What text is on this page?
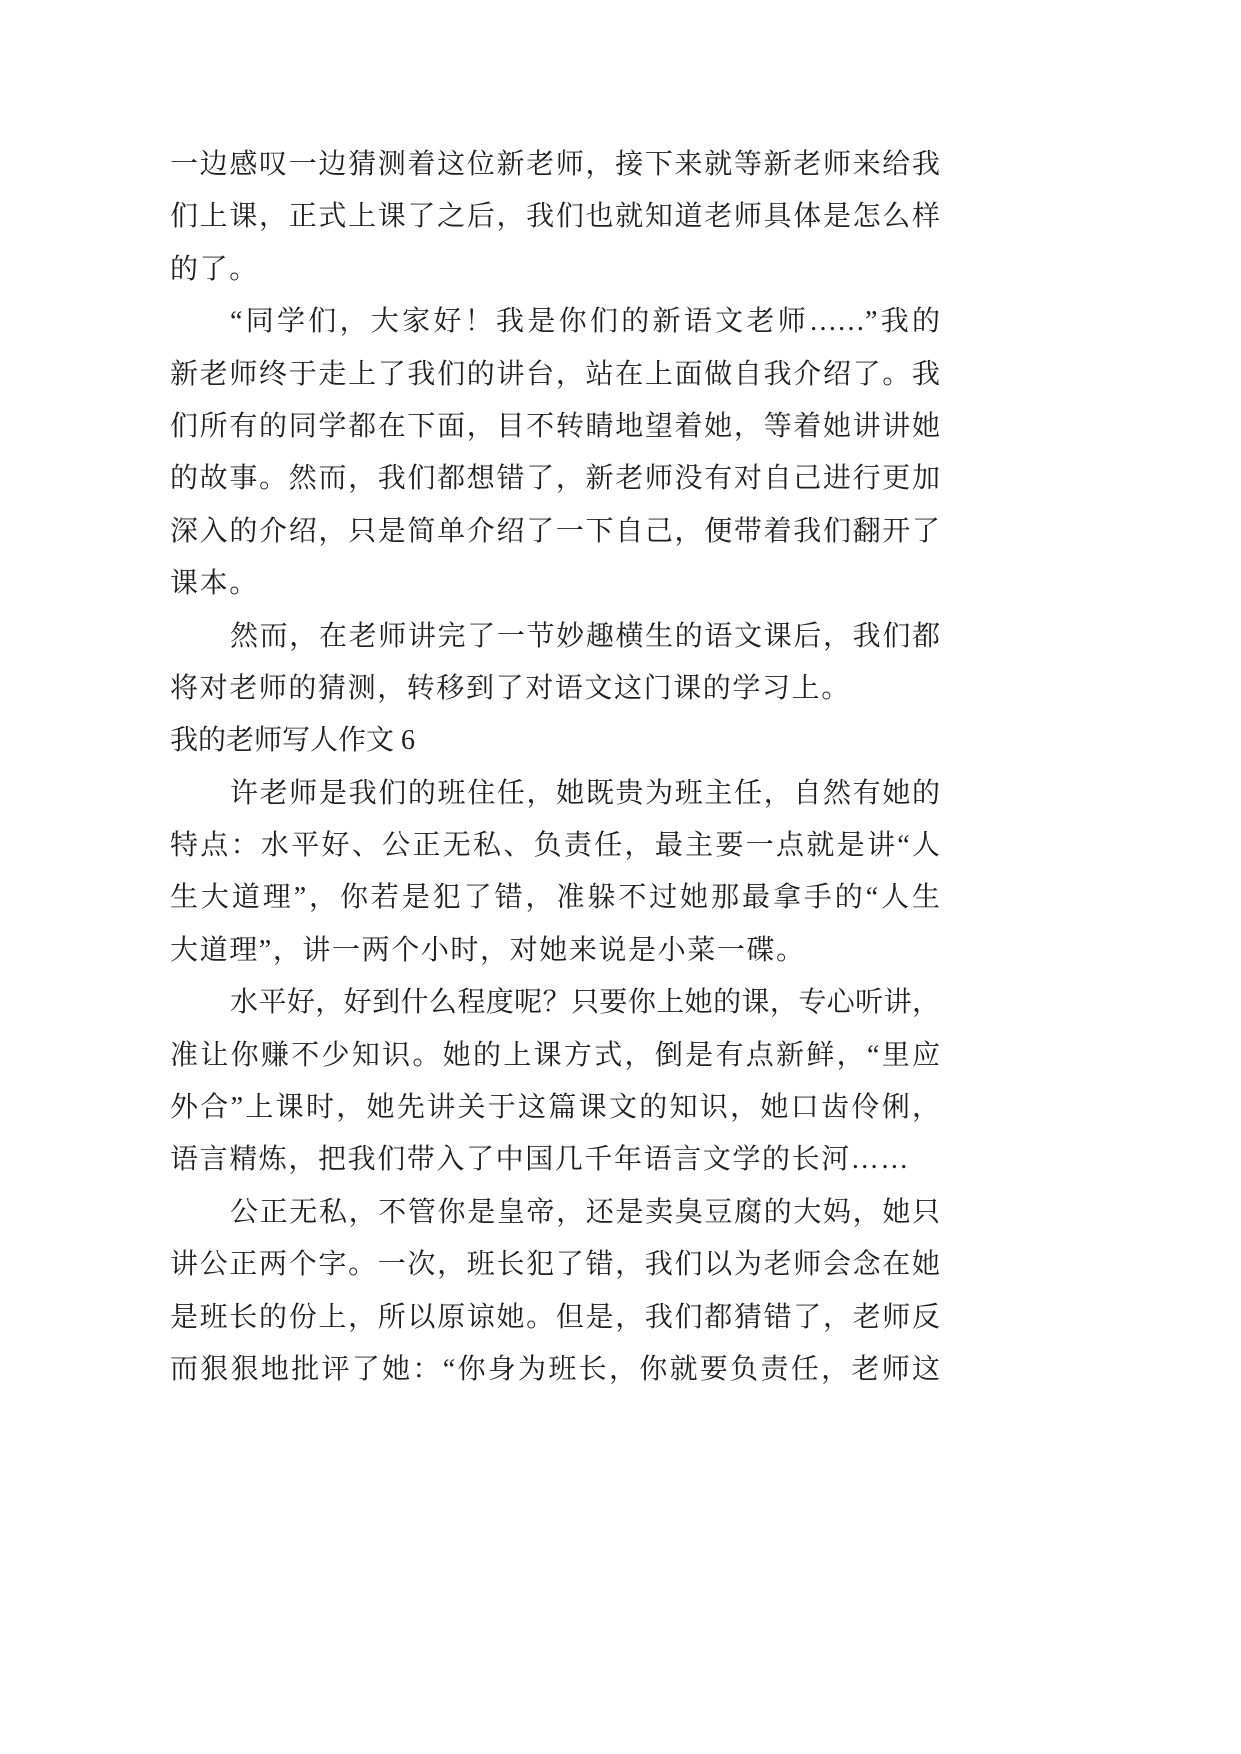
一边感叹一边猜测着这位新老师，接下来就等新老师来给我
们上课，正式上课了之后，我们也就知道老师具体是怎么样
的了。
“同学们，大家好！我是你们的新语文老师……”我的
新老师终于走上了我们的讲台，站在上面做自我介绍了。我
们所有的同学都在下面，目不转睛地望着她，等着她讲讲她
的故事。然而，我们都想错了，新老师没有对自己进行更加
深入的介绍，只是简单介绍了一下自己，便带着我们翻开了
课本。
然而，在老师讲完了一节妙趣横生的语文课后，我们都
将对老师的猜测，转移到了对语文这门课的学习上。
我的老师写人作文 6
许老师是我们的班住任，她既贵为班主任，自然有她的
特点：水平好、公正无私、负责任，最主要一点就是讲“人
生大道理”，你若是犯了错，准躲不过她那最拿手的“人生
大道理”，讲一两个小时，对她来说是小菜一碟。
水平好，好到什么程度呢？只要你上她的课，专心听讲，
准让你赚不少知识。她的上课方式，倒是有点新鲜，“里应
外合”上课时，她先讲关于这篇课文的知识，她口齿伶俐，
语言精炼，把我们带入了中国几千年语言文学的长河……
公正无私，不管你是皇帝，还是卖臭豆腐的大妈，她只
讲公正两个字。一次，班长犯了错，我们以为老师会念在她
是班长的份上，所以原谅她。但是，我们都猜错了，老师反
而狠狠地批评了她：“你身为班长，你就要负责任，老师这
